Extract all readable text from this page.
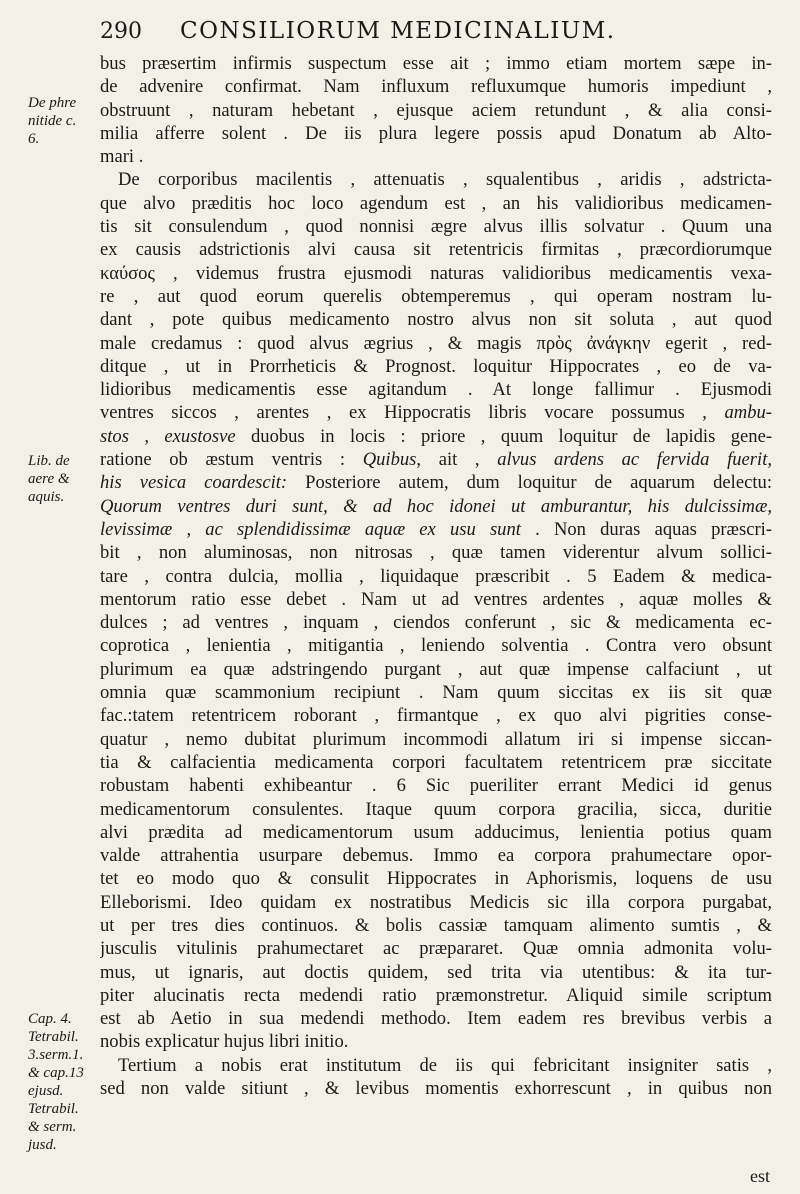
290	CONSILIORUM MEDICINALIUM.
De phre
nitide c.
6.
Lib. de
aere &
aquis.
Cap. 4.
Tetrabil.
3.serm.1.
& cap.13
ejusd.
Tetrabil.
& serm.
jusd.
bus præsertim infirmis suspectum esse ait ; immo etiam mortem sæpe in-
de advenire confirmat. Nam influxum refluxumque humoris impediunt ,
obstruunt , naturam hebetant , ejusque aciem retundunt , & alia consi-
milia afferre solent . De iis plura legere possis apud Donatum ab Alto-
mari .
De corporibus macilentis , attenuatis , squalentibus , aridis , adstricta-
que alvo præditis hoc loco agendum est , an his validioribus medicamen-
tis sit consulendum , quod nonnisi ægre alvus illis solvatur . Quum una
ex causis adstrictionis alvi causa sit retentricis firmitas , præcordiorumque
καύσος , videmus frustra ejusmodi naturas validioribus medicamentis vexa-
re , aut quod eorum querelis obtemperemus , qui operam nostram lu-
dant , pote quibus medicamento nostro alvus non sit soluta , aut quod
male credamus : quod alvus ægrius , & magis πρὸς ἀνάγκην egerit , red-
ditque , ut in Prorrheticis & Prognost. loquitur Hippocrates , eo de va-
lidioribus medicamentis esse agitandum . At longe fallimur . Ejusmodi
ventres siccos , arentes , ex Hippocratis libris vocare possumus , ambu-
stos , exustosve duobus in locis : priore , quum loquitur de lapidis gene-
ratione ob æstum ventris : Quibus, ait , alvus ardens ac fervida fuerit,
his vesica coardescit: Posteriore autem, dum loquitur de aquarum delectu:
Quorum ventres duri sunt, & ad hoc idonei ut amburantur, his dulcissimæ,
levissimæ , ac splendidissimæ aquæ ex usu sunt . Non duras aquas præscri-
bit , non aluminosas, non nitrosas , quæ tamen viderentur alvum sollici-
tare , contra dulcia, mollia , liquidaque præscribit . 5 Eadem & medica-
mentorum ratio esse debet . Nam ut ad ventres ardentes , aquæ molles &
dulces ; ad ventres , inquam , ciendos conferunt , sic & medicamenta ec-
coprotica , lenientia , mitigantia , leniendo solventia . Contra vero obsunt
plurimum ea quæ adstringendo purgant , aut quæ impense calfaciunt , ut
omnia quæ scammonium recipiunt . Nam quum siccitas ex iis sit quæ
fac.:tatem retentricem roborant , firmantque , ex quo alvi pigrities conse-
quatur , nemo dubitat plurimum incommodi allatum iri si impense siccan-
tia & calfacientia medicamenta corpori facultatem retentricem præ siccitate
robustam habenti exhibeantur . 6 Sic pueriliter errant Medici id genus
medicamentorum consulentes. Itaque quum corpora gracilia, sicca, duritie
alvi prædita ad medicamentorum usum adducimus, lenientia potius quam
valde attrahentia usurpare debemus. Immo ea corpora prahumectare opor-
tet eo modo quo & consulit Hippocrates in Aphorismis, loquens de usu
Elleborismi. Ideo quidam ex nostratibus Medicis sic illa corpora purgabat,
ut per tres dies continuos. & bolis cassiæ tamquam alimento sumtis , &
jusculis vitulinis prahumectaret ac præpararet. Quæ omnia admonita volu-
mus, ut ignaris, aut doctis quidem, sed trita via utentibus: & ita tur-
piter alucinatis recta medendi ratio præmonstretur. Aliquid simile scriptum
est ab Aetio in sua medendi methodo. Item eadem res brevibus verbis a
nobis explicatur hujus libri initio.
Tertium a nobis erat institutum de iis qui febricitant insigniter satis ,
sed non valde sitiunt , & levibus momentis exhorrescunt , in quibus non
est
